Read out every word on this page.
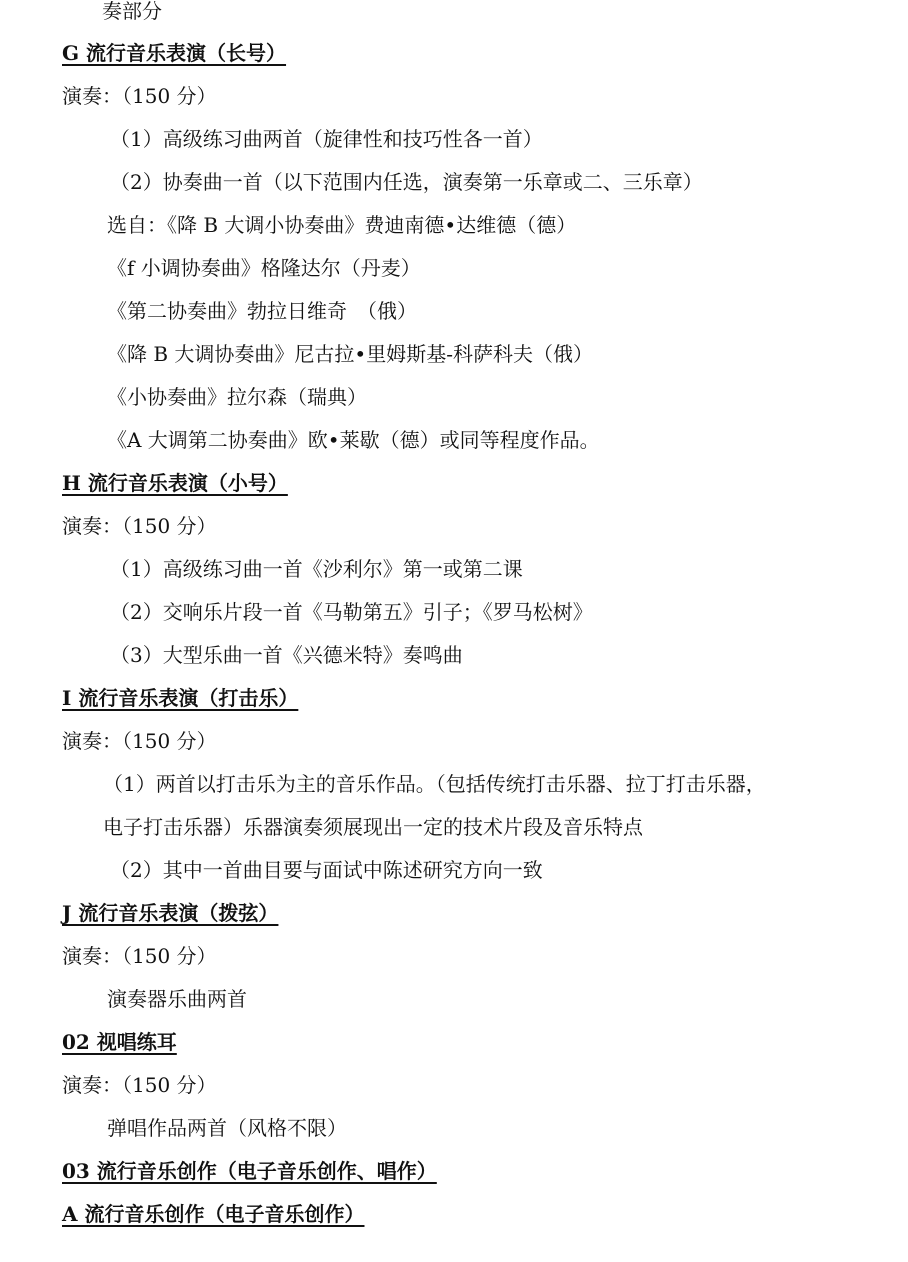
奏部分
G 流行音乐表演（长号）
演奏：（150 分）
（1）高级练习曲两首（旋律性和技巧性各一首）
（2）协奏曲一首（以下范围内任选，演奏第一乐章或二、三乐章）
选自：《降 B 大调小协奏曲》费迪南德•达维德（德）
《f 小调协奏曲》格隆达尔（丹麦）
《第二协奏曲》勃拉日维奇　（俄）
《降 B 大调协奏曲》尼古拉•里姆斯基-科萨科夫（俄）
《小协奏曲》拉尔森（瑞典）
《A 大调第二协奏曲》欧•莱歇（德）或同等程度作品。
H 流行音乐表演（小号）
演奏：（150 分）
（1）高级练习曲一首《沙利尔》第一或第二课
（2）交响乐片段一首《马勒第五》引子；《罗马松树》
（3）大型乐曲一首《兴德米特》奏鸣曲
I 流行音乐表演（打击乐）
演奏：（150 分）
（1）两首以打击乐为主的音乐作品。（包括传统打击乐器、拉丁打击乐器，
电子打击乐器）乐器演奏须展现出一定的技术片段及音乐特点
（2）其中一首曲目要与面试中陈述研究方向一致
J 流行音乐表演（拨弦）
演奏：（150 分）
演奏器乐曲两首
02 视唱练耳
演奏：（150 分）
弹唱作品两首（风格不限）
03 流行音乐创作（电子音乐创作、唱作）
A 流行音乐创作（电子音乐创作）
